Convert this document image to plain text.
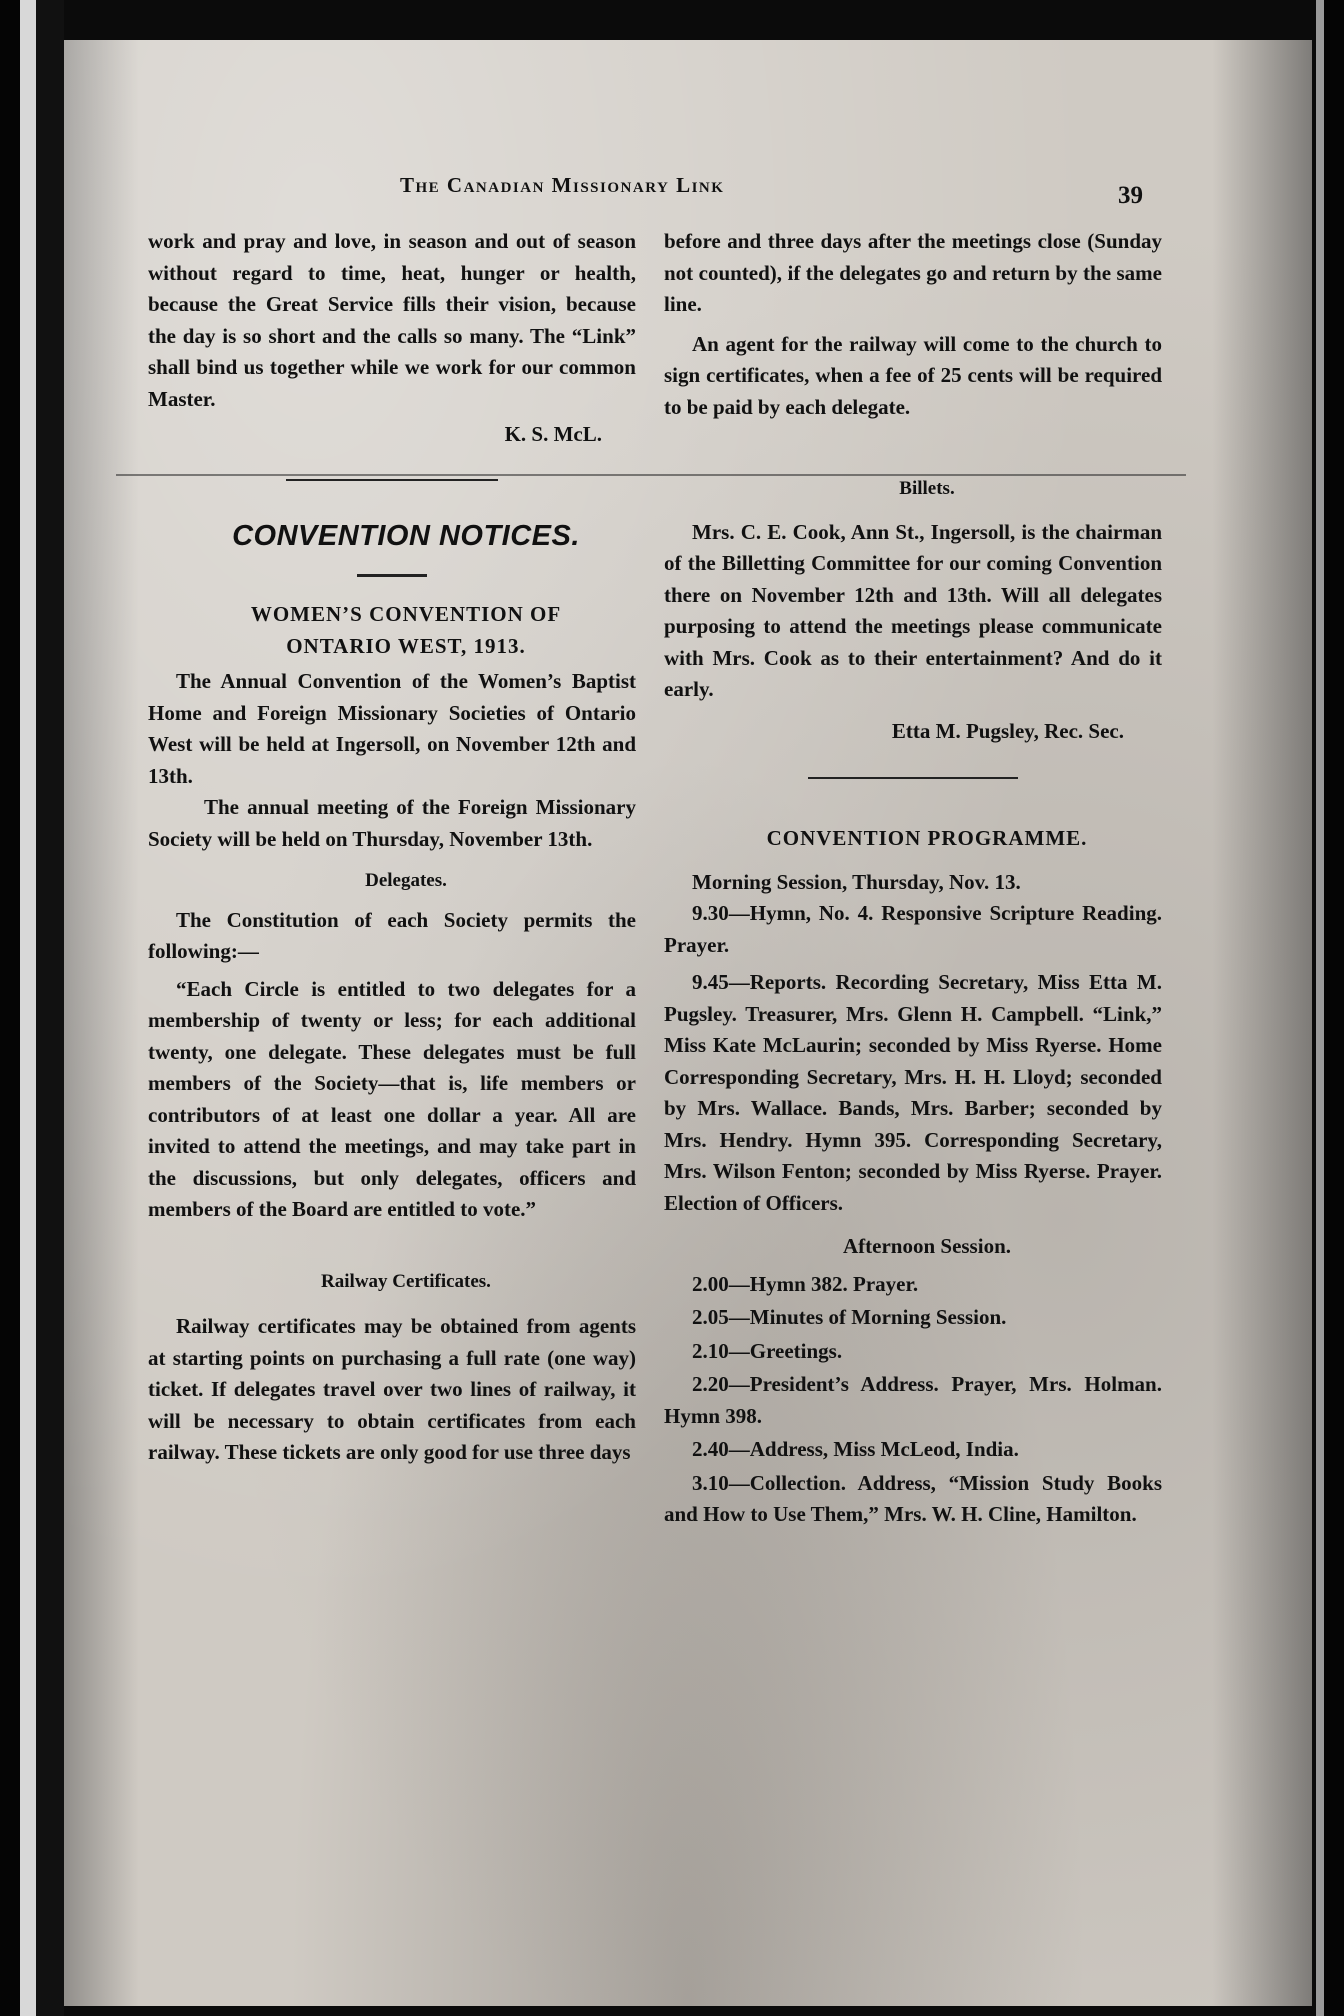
The Canadian Missionary Link	39

work and pray and love, in season and out of season without regard to time, heat, hunger or health, because the Great Service fills their vision, because the day is so short and the calls so many. The “Link” shall bind us together while we work for our common Master.

K. S. McL.

CONVENTION NOTICES.

WOMEN’S CONVENTION OF

ONTARIO WEST, 1913.

The Annual Convention of the Women’s Baptist Home and Foreign Missionary Societies of Ontario West will be held at Ingersoll, on November 12th and 13th.

The annual meeting of the Foreign Missionary Society will be held on Thursday, November 13th.

Delegates.

The Constitution of each Society permits the following:—

“Each Circle is entitled to two delegates for a membership of twenty or less; for each additional twenty, one delegate. These delegates must be full members of the Society—that is, life members or contributors of at least one dollar a year. All are invited to attend the meetings, and may take part in the discussions, but only delegates, officers and members of the Board are entitled to vote.”

Railway Certificates.

Railway certificates may be obtained from agents at starting points on purchasing a full rate (one way) ticket. If delegates travel over two lines of railway, it will be necessary to obtain certificates from each railway. These tickets are only good for use three days

before and three days after the meetings close (Sunday not counted), if the delegates go and return by the same line.

An agent for the railway will come to the church to sign certificates, when a fee of 25 cents will be required to be paid by each delegate.

Billets.

Mrs. C. E. Cook, Ann St., Ingersoll, is the chairman of the Billetting Committee for our coming Convention there on November 12th and 13th. Will all delegates purposing to attend the meetings please communicate with Mrs. Cook as to their entertainment? And do it early.

Etta M. Pugsley, Rec. Sec.

CONVENTION PROGRAMME.

Morning Session, Thursday, Nov. 13.

9.30—Hymn, No. 4. Responsive Scripture Reading. Prayer.

9.45—Reports. Recording Secretary, Miss Etta M. Pugsley. Treasurer, Mrs. Glenn H. Campbell. “Link,” Miss Kate McLaurin; seconded by Miss Ryerse. Home Corresponding Secretary, Mrs. H. H. Lloyd; seconded by Mrs. Wallace. Bands, Mrs. Barber; seconded by Mrs. Hendry. Hymn 395. Corresponding Secretary, Mrs. Wilson Fenton; seconded by Miss Ryerse. Prayer. Election of Officers.

Afternoon Session.

2.00—Hymn 382. Prayer.

2.05—Minutes of Morning Session.

2.10—Greetings.

2.20—President’s Address. Prayer, Mrs. Holman. Hymn 398.

2.40—Address, Miss McLeod, India.

3.10—Collection. Address, “Mission Study Books and How to Use Them,” Mrs. W. H. Cline, Hamilton.
